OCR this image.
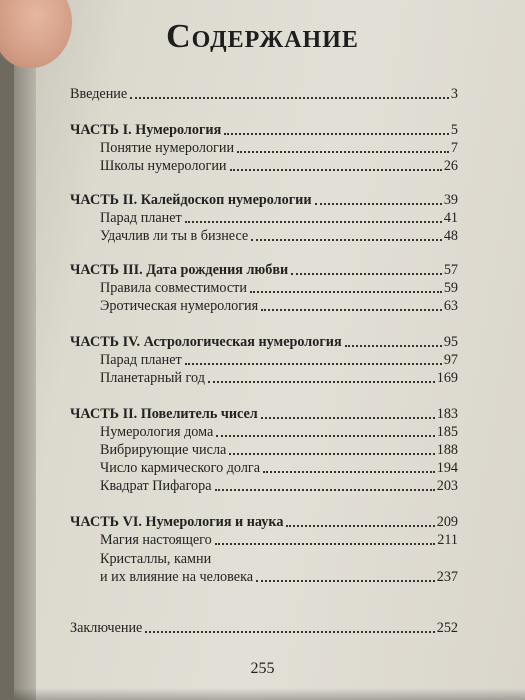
Содержание
Введение	3
ЧАСТЬ I. Нумерология	5
Понятие нумерологии	7
Школы нумерологии	26
ЧАСТЬ II. Калейдоскоп нумерологии	39
Парад планет	41
Удачлив ли ты в бизнесе	48
ЧАСТЬ III. Дата рождения любви	57
Правила совместимости	59
Эротическая нумерология	63
ЧАСТЬ IV. Астрологическая нумерология	95
Парад планет	97
Планетарный год	169
ЧАСТЬ II. Повелитель чисел	183
Нумерология дома	185
Вибрирующие числа	188
Число кармического долга	194
Квадрат Пифагора	203
ЧАСТЬ VI. Нумерология и наука	209
Магия настоящего	211
Кристаллы, камни
и их влияние на человека	237
Заключение	252
255
